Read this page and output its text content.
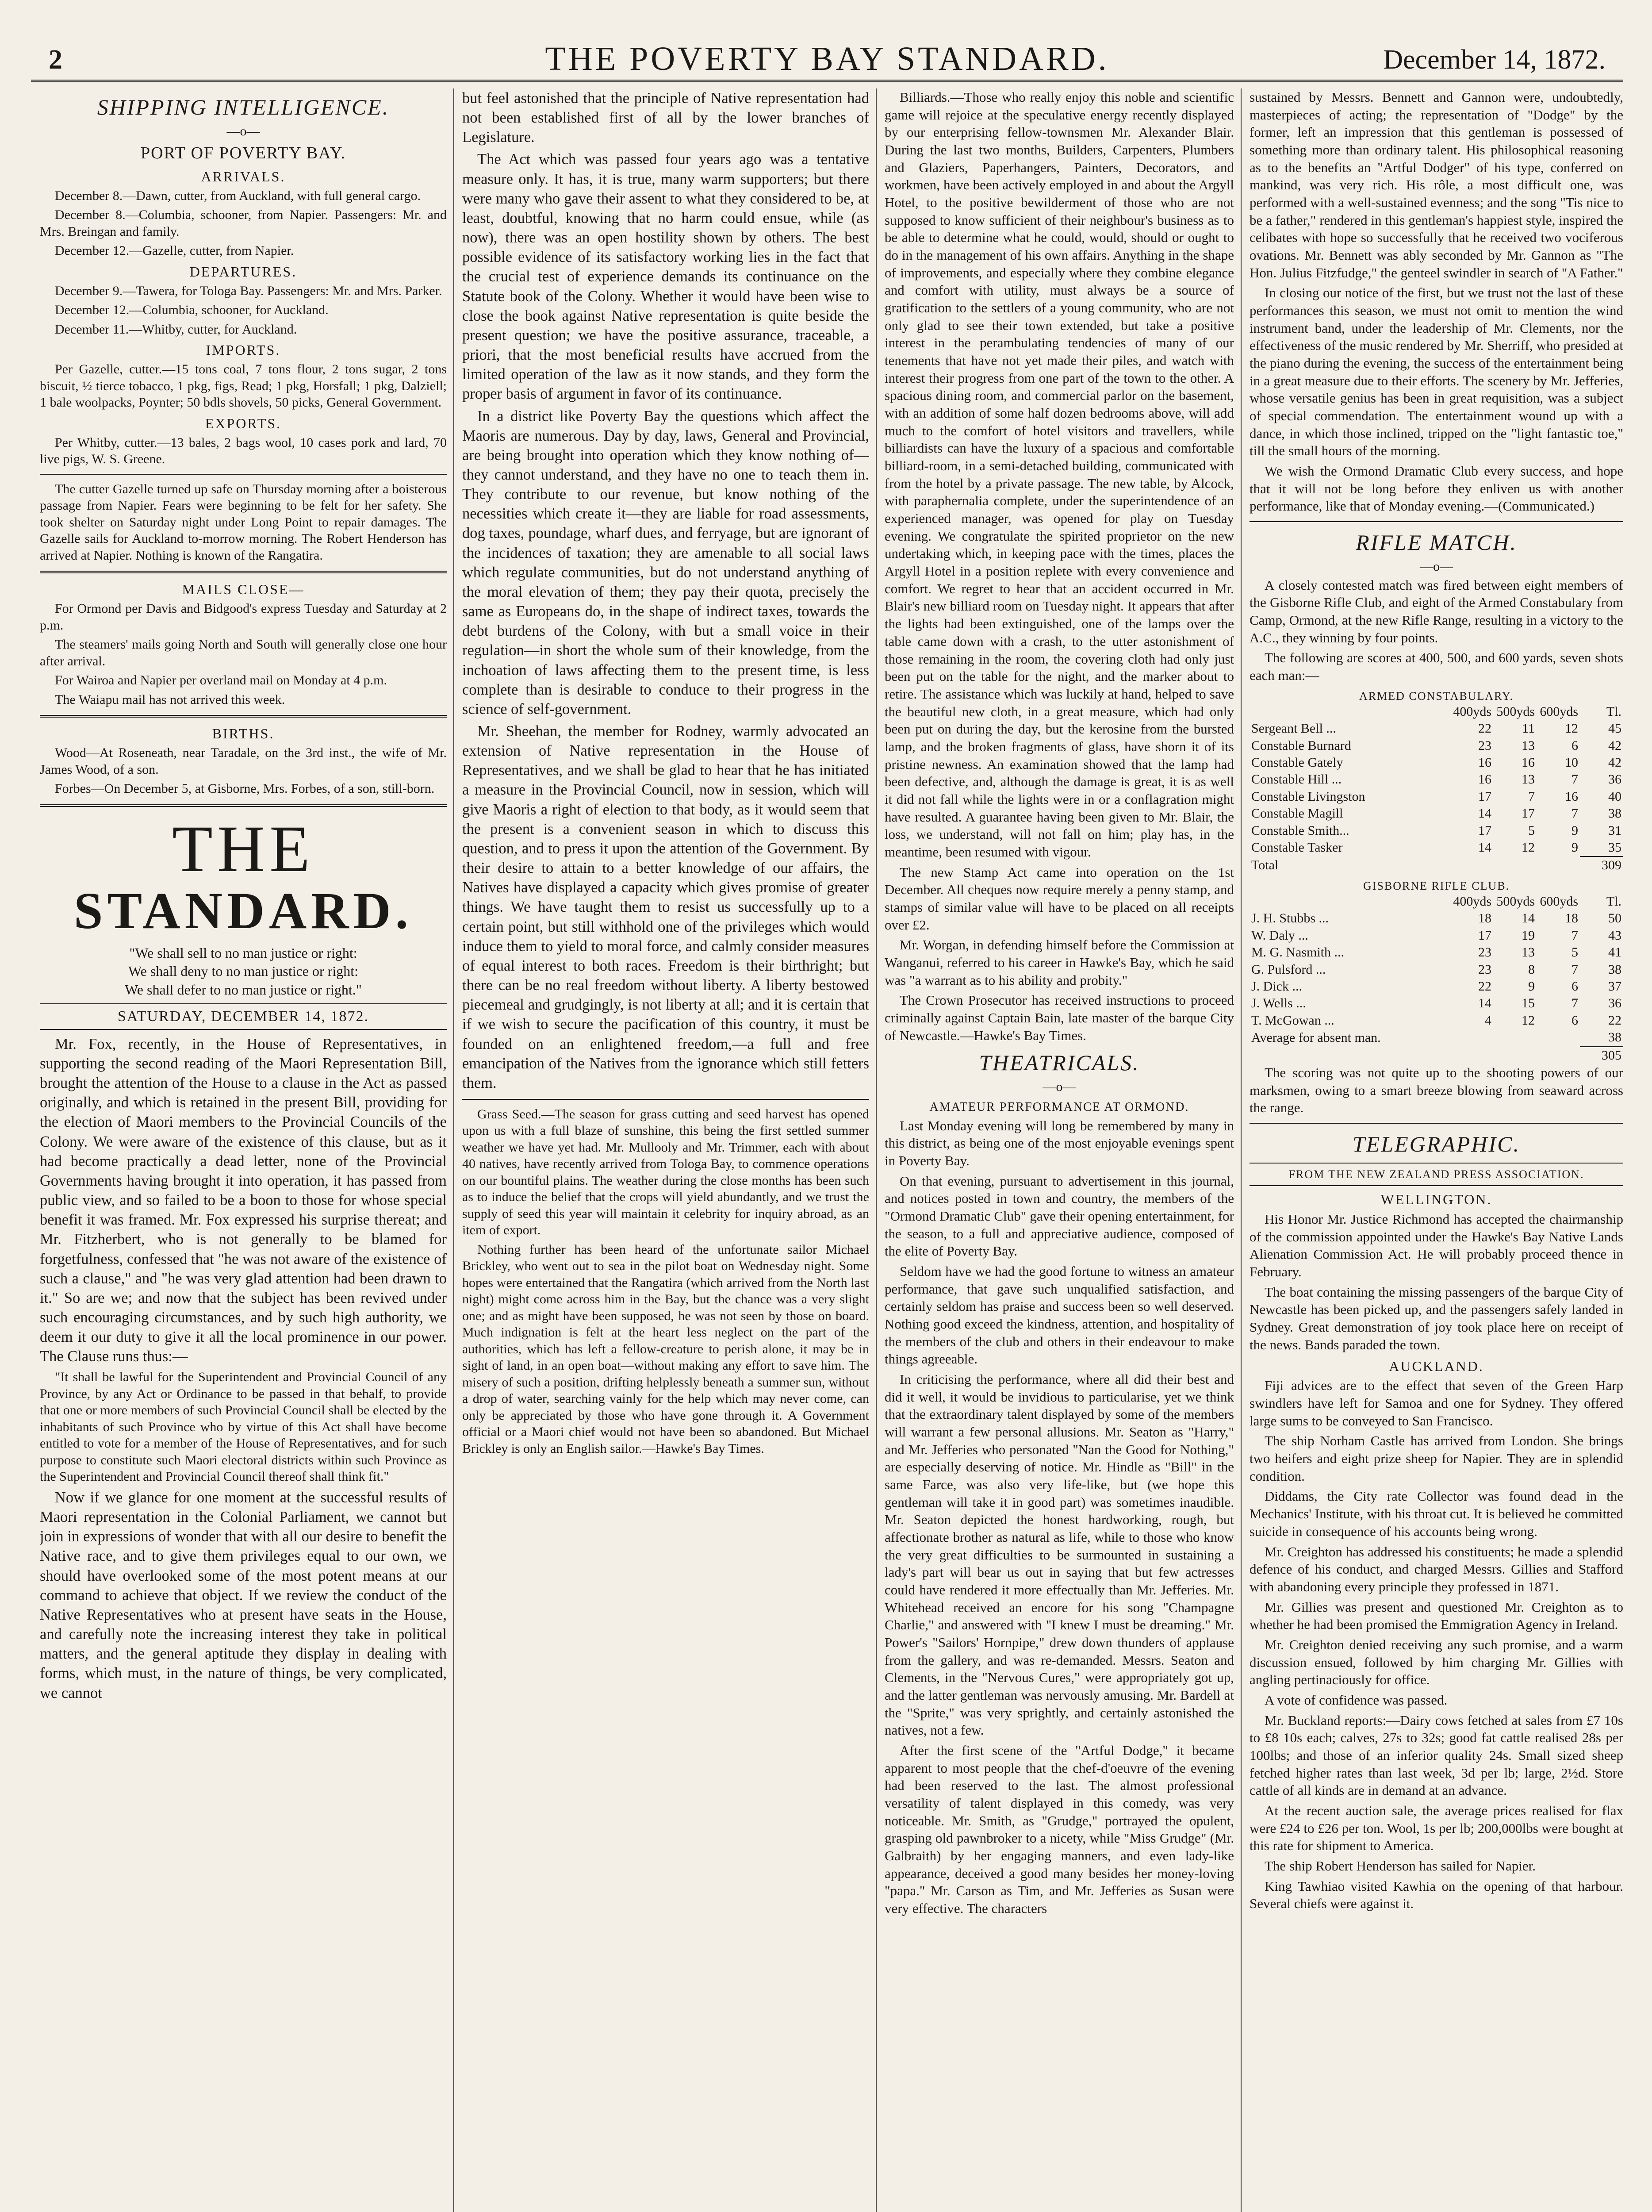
2	THE POVERTY BAY STANDARD.	December 14, 1872.
SHIPPING INTELLIGENCE.
—o—
PORT OF POVERTY BAY.
ARRIVALS.

December 8.—Dawn, cutter, from Auckland, with full general cargo.

December 8.—Columbia, schooner, from Napier. Passengers: Mr. and Mrs. Breingan and family.

December 12.—Gazelle, cutter, from Napier.

DEPARTURES.

December 9.—Tawera, for Tologa Bay. Passengers: Mr. and Mrs. Parker.

December 12.—Columbia, schooner, for Auckland.

December 11.—Whitby, cutter, for Auckland.

IMPORTS.

Per Gazelle, cutter.—15 tons coal, 7 tons flour, 2 tons sugar, 2 tons biscuit, ½ tierce tobacco, 1 pkg, figs, Read; 1 pkg, Horsfall; 1 pkg, Dalziell; 1 bale woolpacks, Poynter; 50 bdls shovels, 50 picks, General Government.

EXPORTS.

Per Whitby, cutter.—13 bales, 2 bags wool, 10 cases pork and lard, 70 live pigs, W. S. Greene.

The cutter Gazelle turned up safe on Thursday morning after a boisterous passage from Napier. Fears were beginning to be felt for her safety. She took shelter on Saturday night under Long Point to repair damages. The Gazelle sails for Auckland to-morrow morning. The Robert Henderson has arrived at Napier. Nothing is known of the Rangatira.

MAILS CLOSE—

For Ormond per Davis and Bidgood's express Tuesday and Saturday at 2 p.m.

The steamers' mails going North and South will generally close one hour after arrival.

For Wairoa and Napier per overland mail on Monday at 4 p.m.

The Waiapu mail has not arrived this week.

BIRTHS.

Wood—At Roseneath, near Taradale, on the 3rd inst., the wife of Mr. James Wood, of a son.

Forbes—On December 5, at Gisborne, Mrs. Forbes, of a son, still-born.

THE
STANDARD.
"We shall sell to no man justice or right:
We shall deny to no man justice or right:
We shall defer to no man justice or right."
SATURDAY, DECEMBER 14, 1872.

Mr. Fox, recently, in the House of Representatives, in supporting the second reading of the Maori Representation Bill, brought the attention of the House to a clause in the Act as passed originally, and which is retained in the present Bill, providing for the election of Maori members to the Provincial Councils of the Colony. We were aware of the existence of this clause, but as it had become practically a dead letter, none of the Provincial Governments having brought it into operation, it has passed from public view, and so failed to be a boon to those for whose special benefit it was framed. Mr. Fox expressed his surprise thereat; and Mr. Fitzherbert, who is not generally to be blamed for forgetfulness, confessed that "he was not aware of the existence of such a clause," and "he was very glad attention had been drawn to it." So are we; and now that the subject has been revived under such encouraging circumstances, and by such high authority, we deem it our duty to give it all the local prominence in our power. The Clause runs thus:—

"It shall be lawful for the Superintendent and Provincial Council of any Province, by any Act or Ordinance to be passed in that behalf, to provide that one or more members of such Provincial Council shall be elected by the inhabitants of such Province who by virtue of this Act shall have become entitled to vote for a member of the House of Representatives, and for such purpose to constitute such Maori electoral districts within such Province as the Superintendent and Provincial Council thereof shall think fit."

Now if we glance for one moment at the successful results of Maori representation in the Colonial Parliament, we cannot but join in expressions of wonder that with all our desire to benefit the Native race, and to give them privileges equal to our own, we should have overlooked some of the most potent means at our command to achieve that object. If we review the conduct of the Native Representatives who at present have seats in the House, and carefully note the increasing interest they take in political matters, and the general aptitude they display in dealing with forms, which must, in the nature of things, be very complicated, we cannot

but feel astonished that the principle of Native representation had not been established first of all by the lower branches of Legislature.

The Act which was passed four years ago was a tentative measure only. It has, it is true, many warm supporters; but there were many who gave their assent to what they considered to be, at least, doubtful, knowing that no harm could ensue, while (as now), there was an open hostility shown by others. The best possible evidence of its satisfactory working lies in the fact that the crucial test of experience demands its continuance on the Statute book of the Colony. Whether it would have been wise to close the book against Native representation is quite beside the present question; we have the positive assurance, traceable, a priori, that the most beneficial results have accrued from the limited operation of the law as it now stands, and they form the proper basis of argument in favor of its continuance.

In a district like Poverty Bay the questions which affect the Maoris are numerous. Day by day, laws, General and Provincial, are being brought into operation which they know nothing of—they cannot understand, and they have no one to teach them in. They contribute to our revenue, but know nothing of the necessities which create it—they are liable for road assessments, dog taxes, poundage, wharf dues, and ferryage, but are ignorant of the incidences of taxation; they are amenable to all social laws which regulate communities, but do not understand anything of the moral elevation of them; they pay their quota, precisely the same as Europeans do, in the shape of indirect taxes, towards the debt burdens of the Colony, with but a small voice in their regulation—in short the whole sum of their knowledge, from the inchoation of laws affecting them to the present time, is less complete than is desirable to conduce to their progress in the science of self-government.

Mr. Sheehan, the member for Rodney, warmly advocated an extension of Native representation in the House of Representatives, and we shall be glad to hear that he has initiated a measure in the Provincial Council, now in session, which will give Maoris a right of election to that body, as it would seem that the present is a convenient season in which to discuss this question, and to press it upon the attention of the Government. By their desire to attain to a better knowledge of our affairs, the Natives have displayed a capacity which gives promise of greater things. We have taught them to resist us successfully up to a certain point, but still withhold one of the privileges which would induce them to yield to moral force, and calmly consider measures of equal interest to both races. Freedom is their birthright; but there can be no real freedom without liberty. A liberty bestowed piecemeal and grudgingly, is not liberty at all; and it is certain that if we wish to secure the pacification of this country, it must be founded on an enlightened freedom,—a full and free emancipation of the Natives from the ignorance which still fetters them.

Grass Seed.—The season for grass cutting and seed harvest has opened upon us with a full blaze of sunshine, this being the first settled summer weather we have yet had. Mr. Mullooly and Mr. Trimmer, each with about 40 natives, have recently arrived from Tologa Bay, to commence operations on our bountiful plains. The weather during the close months has been such as to induce the belief that the crops will yield abundantly, and we trust the supply of seed this year will maintain it celebrity for inquiry abroad, as an item of export.

Nothing further has been heard of the unfortunate sailor Michael Brickley, who went out to sea in the pilot boat on Wednesday night. Some hopes were entertained that the Rangatira (which arrived from the North last night) might come across him in the Bay, but the chance was a very slight one; and as might have been supposed, he was not seen by those on board. Much indignation is felt at the heart less neglect on the part of the authorities, which has left a fellow-creature to perish alone, it may be in sight of land, in an open boat—without making any effort to save him. The misery of such a position, drifting helplessly beneath a summer sun, without a drop of water, searching vainly for the help which may never come, can only be appreciated by those who have gone through it. A Government official or a Maori chief would not have been so abandoned. But Michael Brickley is only an English sailor.—Hawke's Bay Times.

Billiards.—Those who really enjoy this noble and scientific game will rejoice at the speculative energy recently displayed by our enterprising fellow-townsmen Mr. Alexander Blair. During the last two months, Builders, Carpenters, Plumbers and Glaziers, Paperhangers, Painters, Decorators, and workmen, have been actively employed in and about the Argyll Hotel, to the positive bewilderment of those who are not supposed to know sufficient of their neighbour's business as to be able to determine what he could, would, should or ought to do in the management of his own affairs. Anything in the shape of improvements, and especially where they combine elegance and comfort with utility, must always be a source of gratification to the settlers of a young community, who are not only glad to see their town extended, but take a positive interest in the perambulating tendencies of many of our tenements that have not yet made their piles, and watch with interest their progress from one part of the town to the other. A spacious dining room, and commercial parlor on the basement, with an addition of some half dozen bedrooms above, will add much to the comfort of hotel visitors and travellers, while billiardists can have the luxury of a spacious and comfortable billiard-room, in a semi-detached building, communicated with from the hotel by a private passage. The new table, by Alcock, with paraphernalia complete, under the superintendence of an experienced manager, was opened for play on Tuesday evening. We congratulate the spirited proprietor on the new undertaking which, in keeping pace with the times, places the Argyll Hotel in a position replete with every convenience and comfort. We regret to hear that an accident occurred in Mr. Blair's new billiard room on Tuesday night. It appears that after the lights had been extinguished, one of the lamps over the table came down with a crash, to the utter astonishment of those remaining in the room, the covering cloth had only just been put on the table for the night, and the marker about to retire. The assistance which was luckily at hand, helped to save the beautiful new cloth, in a great measure, which had only been put on during the day, but the kerosine from the bursted lamp, and the broken fragments of glass, have shorn it of its pristine newness. An examination showed that the lamp had been defective, and, although the damage is great, it is as well it did not fall while the lights were in or a conflagration might have resulted. A guarantee having been given to Mr. Blair, the loss, we understand, will not fall on him; play has, in the meantime, been resumed with vigour.

The new Stamp Act came into operation on the 1st December. All cheques now require merely a penny stamp, and stamps of similar value will have to be placed on all receipts over £2.

Mr. Worgan, in defending himself before the Commission at Wanganui, referred to his career in Hawke's Bay, which he said was "a warrant as to his ability and probity."

The Crown Prosecutor has received instructions to proceed criminally against Captain Bain, late master of the barque City of Newcastle.—Hawke's Bay Times.

THEATRICALS.
—o—
AMATEUR PERFORMANCE AT ORMOND.

Last Monday evening will long be remembered by many in this district, as being one of the most enjoyable evenings spent in Poverty Bay.

On that evening, pursuant to advertisement in this journal, and notices posted in town and country, the members of the "Ormond Dramatic Club" gave their opening entertainment, for the season, to a full and appreciative audience, composed of the elite of Poverty Bay.

Seldom have we had the good fortune to witness an amateur performance, that gave such unqualified satisfaction, and certainly seldom has praise and success been so well deserved. Nothing good exceed the kindness, attention, and hospitality of the members of the club and others in their endeavour to make things agreeable.

In criticising the performance, where all did their best and did it well, it would be invidious to particularise, yet we think that the extraordinary talent displayed by some of the members will warrant a few personal allusions. Mr. Seaton as "Harry," and Mr. Jefferies who personated "Nan the Good for Nothing," are especially deserving of notice. Mr. Hindle as "Bill" in the same Farce, was also very life-like, but (we hope this gentleman will take it in good part) was sometimes inaudible. Mr. Seaton depicted the honest hardworking, rough, but affectionate brother as natural as life, while to those who know the very great difficulties to be surmounted in sustaining a lady's part will bear us out in saying that but few actresses could have rendered it more effectually than Mr. Jefferies. Mr. Whitehead received an encore for his song "Champagne Charlie," and answered with "I knew I must be dreaming." Mr. Power's "Sailors' Hornpipe," drew down thunders of applause from the gallery, and was re-demanded. Messrs. Seaton and Clements, in the "Nervous Cures," were appropriately got up, and the latter gentleman was nervously amusing. Mr. Bardell at the "Sprite," was very sprightly, and certainly astonished the natives, not a few.

After the first scene of the "Artful Dodge," it became apparent to most people that the chef-d'oeuvre of the evening had been reserved to the last. The almost professional versatility of talent displayed in this comedy, was very noticeable. Mr. Smith, as "Grudge," portrayed the opulent, grasping old pawnbroker to a nicety, while "Miss Grudge" (Mr. Galbraith) by her engaging manners, and even lady-like appearance, deceived a good many besides her money-loving "papa." Mr. Carson as Tim, and Mr. Jefferies as Susan were very effective. The characters

sustained by Messrs. Bennett and Gannon were, undoubtedly, masterpieces of acting; the representation of "Dodge" by the former, left an impression that this gentleman is possessed of something more than ordinary talent. His philosophical reasoning as to the benefits an "Artful Dodger" of his type, conferred on mankind, was very rich. His rôle, a most difficult one, was performed with a well-sustained evenness; and the song "Tis nice to be a father," rendered in this gentleman's happiest style, inspired the celibates with hope so successfully that he received two vociferous ovations. Mr. Bennett was ably seconded by Mr. Gannon as "The Hon. Julius Fitzfudge," the genteel swindler in search of "A Father."

In closing our notice of the first, but we trust not the last of these performances this season, we must not omit to mention the wind instrument band, under the leadership of Mr. Clements, nor the effectiveness of the music rendered by Mr. Sherriff, who presided at the piano during the evening, the success of the entertainment being in a great measure due to their efforts. The scenery by Mr. Jefferies, whose versatile genius has been in great requisition, was a subject of special commendation. The entertainment wound up with a dance, in which those inclined, tripped on the "light fantastic toe," till the small hours of the morning.

We wish the Ormond Dramatic Club every success, and hope that it will not be long before they enliven us with another performance, like that of Monday evening.—(Communicated.)

RIFLE MATCH.
—o—

A closely contested match was fired between eight members of the Gisborne Rifle Club, and eight of the Armed Constabulary from Camp, Ormond, at the new Rifle Range, resulting in a victory to the A.C., they winning by four points.

The following are scores at 400, 500, and 600 yards, seven shots each man:—

ARMED CONSTABULARY.
	400yds	500yds	600yds	Tl.
Sergeant Bell ...	22	11	12	45
Constable Burnard	23	13	6	42
Constable Gately	16	16	10	42
Constable Hill ...	16	13	7	36
Constable Livingston	17	7	16	40
Constable Magill	14	17	7	38
Constable Smith...	17	5	9	31
Constable Tasker	14	12	9	35
Total				309
GISBORNE RIFLE CLUB.
	400yds	500yds	600yds	Tl.
J. H. Stubbs ...	18	14	18	50
W. Daly ...	17	19	7	43
M. G. Nasmith ...	23	13	5	41
G. Pulsford ...	23	8	7	38
J. Dick ...	22	9	6	37
J. Wells ...	14	15	7	36
T. McGowan ...	4	12	6	22
Average for absent man.				38
				305

The scoring was not quite up to the shooting powers of our marksmen, owing to a smart breeze blowing from seaward across the range.

TELEGRAPHIC.
FROM THE NEW ZEALAND PRESS ASSOCIATION.
WELLINGTON.

His Honor Mr. Justice Richmond has accepted the chairmanship of the commission appointed under the Hawke's Bay Native Lands Alienation Commission Act. He will probably proceed thence in February.

The boat containing the missing passengers of the barque City of Newcastle has been picked up, and the passengers safely landed in Sydney. Great demonstration of joy took place here on receipt of the news. Bands paraded the town.

AUCKLAND.

Fiji advices are to the effect that seven of the Green Harp swindlers have left for Samoa and one for Sydney. They offered large sums to be conveyed to San Francisco.

The ship Norham Castle has arrived from London. She brings two heifers and eight prize sheep for Napier. They are in splendid condition.

Diddams, the City rate Collector was found dead in the Mechanics' Institute, with his throat cut. It is believed he committed suicide in consequence of his accounts being wrong.

Mr. Creighton has addressed his constituents; he made a splendid defence of his conduct, and charged Messrs. Gillies and Stafford with abandoning every principle they professed in 1871.

Mr. Gillies was present and questioned Mr. Creighton as to whether he had been promised the Emmigration Agency in Ireland.

Mr. Creighton denied receiving any such promise, and a warm discussion ensued, followed by him charging Mr. Gillies with angling pertinaciously for office.

A vote of confidence was passed.

Mr. Buckland reports:—Dairy cows fetched at sales from £7 10s to £8 10s each; calves, 27s to 32s; good fat cattle realised 28s per 100lbs; and those of an inferior quality 24s. Small sized sheep fetched higher rates than last week, 3d per lb; large, 2½d. Store cattle of all kinds are in demand at an advance.

At the recent auction sale, the average prices realised for flax were £24 to £26 per ton. Wool, 1s per lb; 200,000lbs were bought at this rate for shipment to America.

The ship Robert Henderson has sailed for Napier.

King Tawhiao visited Kawhia on the opening of that harbour. Several chiefs were against it.
